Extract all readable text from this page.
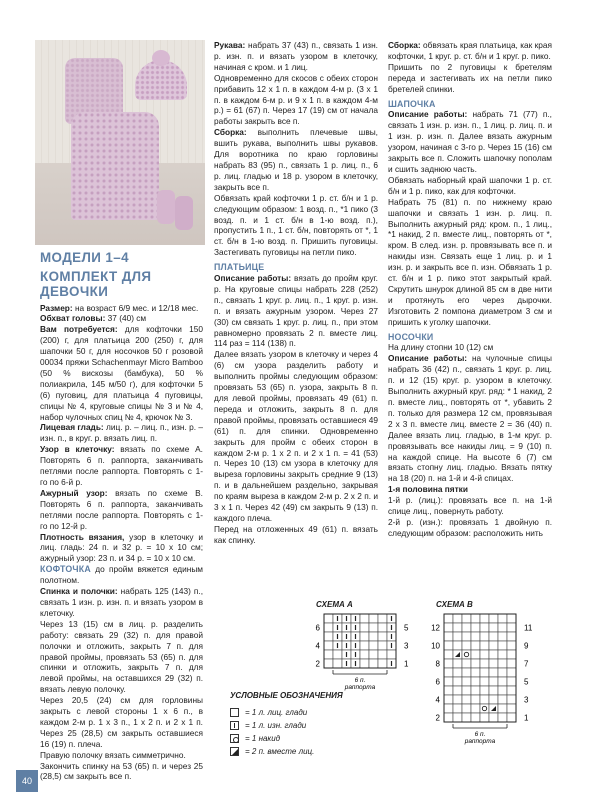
МОДЕЛИ 1–4

КОМПЛЕКТ ДЛЯ ДЕВОЧКИ

Размер: на возраст 6/9 мес. и 12/18 мес.

Обхват головы: 37 (40) см

Вам потребуется: для кофточки 150 (200) г, для платьица 200 (250) г, для шапочки 50 г, для носочков 50 г розовой 00034 пряжи Schachenmayr Micro Bamboo (50 % вискозы (бамбука), 50 % полиакрила, 145 м/50 г), для кофточки 5 (6) пуговиц, для платьица 4 пуговицы, спицы № 4, круговые спицы № 3 и № 4, набор чулочных спиц № 4, крючок № 3.

Лицевая гладь: лиц. р. – лиц. п., изн. р. – изн. п., в круг. р. вязать лиц. п.

Узор в клеточку: вязать по схеме А. Повторять 6 п. раппорта, заканчивать петлями после раппорта. Повторять с 1-го по 6-й р.

Ажурный узор: вязать по схеме В. Повторять 6 п. раппорта, заканчивать петлями после раппорта. Повторять с 1-го по 12-й р.

Плотность вязания, узор в клеточку и лиц. гладь: 24 п. и 32 р. = 10 х 10 см; ажурный узор: 23 п. и 34 р. = 10 х 10 см.

КОФТОЧКА до пройм вяжется единым полотном.

Спинка и полочки: набрать 125 (143) п., связать 1 изн. р. изн. п. и вязать узором в клеточку.

Через 13 (15) см в лиц. р. разделить работу: связать 29 (32) п. для правой полочки и отложить, закрыть 7 п. для правой проймы, провязать 53 (65) п. для спинки и отложить, закрыть 7 п. для левой проймы, на оставшихся 29 (32) п. вязать левую полочку.

Через 20,5 (24) см для горловины закрыть с левой стороны 1 х 6 п., в каждом 2-м р. 1 х 3 п., 1 х 2 п. и 2 х 1 п. Через 25 (28,5) см закрыть оставшиеся 16 (19) п. плеча.

Правую полочку вязать симметрично.

Закончить спинку на 53 (65) п. и через 25 (28,5) см закрыть все п.

Рукава: набрать 37 (43) п., связать 1 изн. р. изн. п. и вязать узором в клеточку, начиная с кром. и 1 лиц.

Одновременно для скосов с обеих сторон прибавить 12 х 1 п. в каждом 4-м р. (3 х 1 п. в каждом 6-м р. и 9 х 1 п. в каждом 4-м р.) = 61 (67) п. Через 17 (19) см от начала работы закрыть все п.

Сборка: выполнить плечевые швы, вшить рукава, выполнить швы рукавов. Для воротника по краю горловины набрать 83 (95) п., связать 1 р. лиц. п., 6 р. лиц. гладью и 18 р. узором в клеточку, закрыть все п.

Обвязать край кофточки 1 р. ст. б/н и 1 р. следующим образом: 1 возд. п., *1 пико (3 возд. п. и 1 ст. б/н в 1-ю возд. п.), пропустить 1 п., 1 ст. б/н, повторять от *, 1 ст. б/н в 1-ю возд. п. Пришить пуговицы. Застегивать пуговицы на петли пико.

ПЛАТЬИЦЕ

Описание работы: вязать до пройм круг. р. На круговые спицы набрать 228 (252) п., связать 1 круг. р. лиц. п., 1 круг. р. изн. п. и вязать ажурным узором. Через 27 (30) см связать 1 круг. р. лиц. п., при этом равномерно провязать 2 п. вместе лиц. 114 раз = 114 (138) п.

Далее вязать узором в клеточку и через 4 (6) см узора разделить работу и выполнить проймы следующим образом: провязать 53 (65) п. узора, закрыть 8 п. для левой проймы, провязать 49 (61) п. переда и отложить, закрыть 8 п. для правой проймы, провязать оставшиеся 49 (61) п. для спинки. Одновременно закрыть для пройм с обеих сторон в каждом 2-м р. 1 х 2 п. и 2 х 1 п. = 41 (53) п. Через 10 (13) см узора в клеточку для выреза горловины закрыть средние 9 (13) п. и в дальнейшем раздельно, закрывая по краям выреза в каждом 2-м р. 2 х 2 п. и 3 х 1 п. Через 42 (49) см закрыть 9 (13) п. каждого плеча.

Перед на отложенных 49 (61) п. вязать как спинку.

Сборка: обвязать края платьица, как края кофточки, 1 круг. р. ст. б/н и 1 круг. р. пико.

Пришить по 2 пуговицы к бретелям переда и застегивать их на петли пико бретелей спинки.

ШАПОЧКА

Описание работы: набрать 71 (77) п., связать 1 изн. р. изн. п., 1 лиц. р. лиц. п. и 1 изн. р. изн. п. Далее вязать ажурным узором, начиная с 3-го р. Через 15 (16) см закрыть все п. Сложить шапочку пополам и сшить заднюю часть.

Обвязать наборный край шапочки 1 р. ст. б/н и 1 р. пико, как для кофточки.

Набрать 75 (81) п. по нижнему краю шапочки и связать 1 изн. р. лиц. п. Выполнить ажурный ряд: кром. п., 1 лиц., *1 накид, 2 п. вместе лиц., повторять от *, кром. В след. изн. р. провязывать все п. и накиды изн. Связать еще 1 лиц. р. и 1 изн. р. и закрыть все п. изн. Обвязать 1 р. ст. б/н и 1 р. пико этот закрытый край. Скрутить шнурок длиной 85 см в две нити и протянуть его через дырочки. Изготовить 2 помпона диаметром 3 см и пришить к уголку шапочки.

НОСОЧКИ

На длину стопни 10 (12) см

Описание работы: на чулочные спицы набрать 36 (42) п., связать 1 круг. р. лиц. п. и 12 (15) круг. р. узором в клеточку. Выполнить ажурный круг. ряд: * 1 накид, 2 п. вместе лиц., повторять от *, убавить 2 п. только для размера 12 см, провязывая 2 х 3 п. вместе лиц. вместе 2 = 36 (40) п. Далее вязать лиц. гладью, в 1-м круг. р. провязывать все накиды лиц. = 9 (10) п. на каждой спице. На высоте 6 (7) см вязать стопну лиц. гладью. Вязать пятку на 18 (20) п. на 1-й и 4-й спицах.

1-я половина пятки

1-й р. (лиц.): провязать все п. на 1-й спице лиц., повернуть работу.

2-й р. (изн.): провязать 1 двойную п. следующим образом: расположить нить

СХЕМА А
6
4
2
5
3
1
6 п.
раппорта
СХЕМА В
12
10
8
6
4
2
11
9
7
5
3
1
6 п.
раппорта
УСЛОВНЫЕ ОБОЗНАЧЕНИЯ
= 1 л. лиц. глади
= 1 л. изн. глади
= 1 накид
= 2 п. вместе лиц.
40
